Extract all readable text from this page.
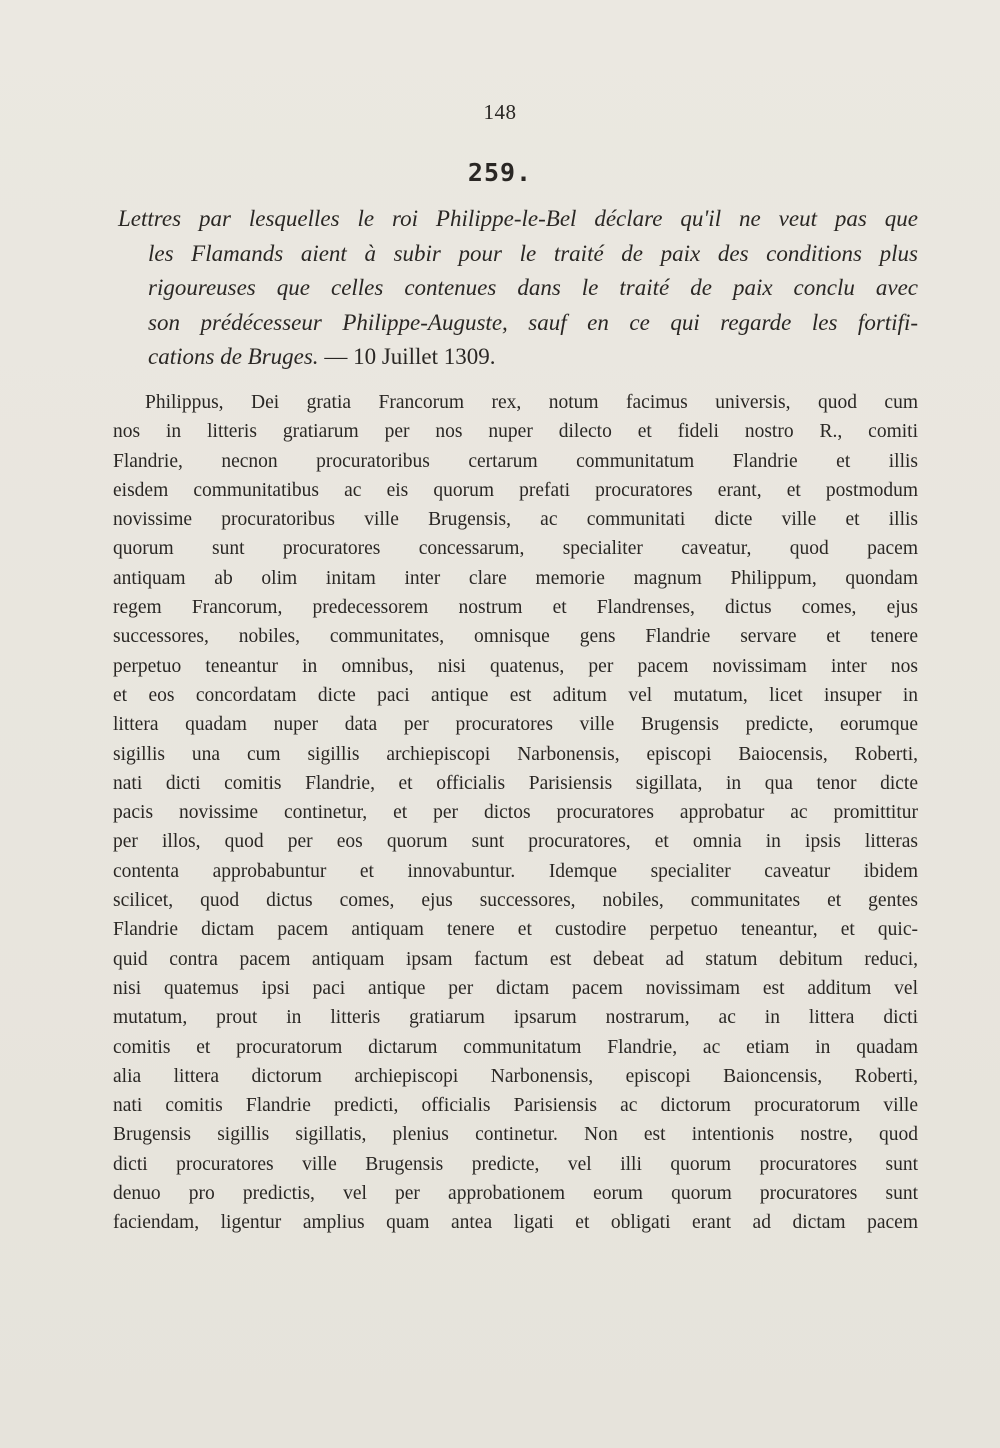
148
259.
Lettres par lesquelles le roi Philippe-le-Bel déclare qu'il ne veut pas que
les Flamands aient à subir pour le traité de paix des conditions plus
rigoureuses que celles contenues dans le traité de paix conclu avec
son prédécesseur Philippe-Auguste, sauf en ce qui regarde les fortifi-
cations de Bruges. — 10 Juillet 1309.
Philippus, Dei gratia Francorum rex, notum facimus universis, quod cum
nos in litteris gratiarum per nos nuper dilecto et fideli nostro R., comiti
Flandrie, necnon procuratoribus certarum communitatum Flandrie et illis
eisdem communitatibus ac eis quorum prefati procuratores erant, et postmodum
novissime procuratoribus ville Brugensis, ac communitati dicte ville et illis
quorum sunt procuratores concessarum, specialiter caveatur, quod pacem
antiquam ab olim initam inter clare memorie magnum Philippum, quondam
regem Francorum, predecessorem nostrum et Flandrenses, dictus comes, ejus
successores, nobiles, communitates, omnisque gens Flandrie servare et tenere
perpetuo teneantur in omnibus, nisi quatenus, per pacem novissimam inter nos
et eos concordatam dicte paci antique est aditum vel mutatum, licet insuper in
littera quadam nuper data per procuratores ville Brugensis predicte, eorumque
sigillis una cum sigillis archiepiscopi Narbonensis, episcopi Baiocensis, Roberti,
nati dicti comitis Flandrie, et officialis Parisiensis sigillata, in qua tenor dicte
pacis novissime continetur, et per dictos procuratores approbatur ac promittitur
per illos, quod per eos quorum sunt procuratores, et omnia in ipsis litteras
contenta approbabuntur et innovabuntur. Idemque specialiter caveatur ibidem
scilicet, quod dictus comes, ejus successores, nobiles, communitates et gentes
Flandrie dictam pacem antiquam tenere et custodire perpetuo teneantur, et quic-
quid contra pacem antiquam ipsam factum est debeat ad statum debitum reduci,
nisi quatemus ipsi paci antique per dictam pacem novissimam est additum vel
mutatum, prout in litteris gratiarum ipsarum nostrarum, ac in littera dicti
comitis et procuratorum dictarum communitatum Flandrie, ac etiam in quadam
alia littera dictorum archiepiscopi Narbonensis, episcopi Baioncensis, Roberti,
nati comitis Flandrie predicti, officialis Parisiensis ac dictorum procuratorum ville
Brugensis sigillis sigillatis, plenius continetur. Non est intentionis nostre, quod
dicti procuratores ville Brugensis predicte, vel illi quorum procuratores sunt
denuo pro predictis, vel per approbationem eorum quorum procuratores sunt
faciendam, ligentur amplius quam antea ligati et obligati erant ad dictam pacem
